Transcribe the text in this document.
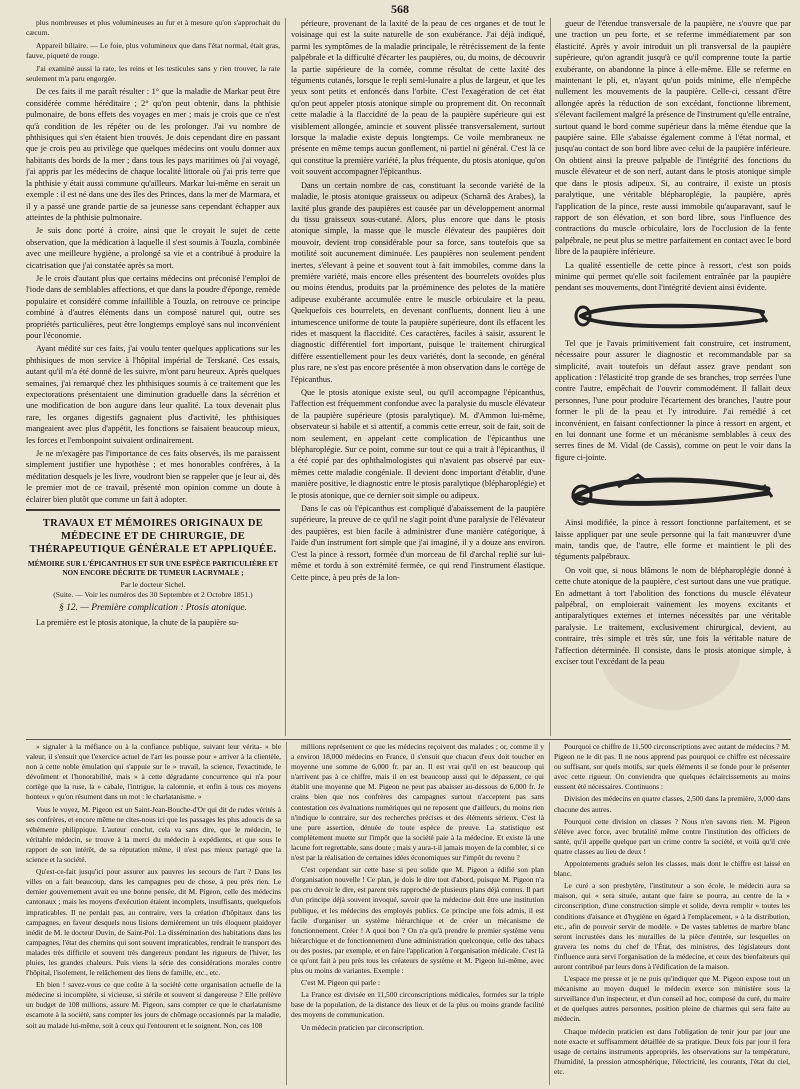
568

plus nombreuses et plus volumineuses au fur et à mesure qu'on s'approchait du cæcum.

Appareil biliaire. — Le foie, plus volumineux que dans l'état normal, était gras, fauve, piqueté de rouge.

J'ai examiné aussi la rate, les reins et les testicules sans y rien trouver, la rate seulement m'a paru engorgée.

De ces faits il me paraît résulter : 1° que la maladie de Markar peut être considérée comme héréditaire ; 2° qu'on peut obtenir, dans la phthisie pulmonaire, de bons effets des voyages en mer ; mais je crois que ce n'est qu'à condition de les répéter ou de les prolonger. J'ai vu nombre de phthisiques qui s'en étaient bien trouvés. Je dois cependant dire en passant que je crois peu au privilège que quelques médecins ont voulu donner aux habitants des bords de la mer ; dans tous les pays maritimes où j'ai voyagé, j'ai appris par les médecins de chaque localité littorale où j'ai pris terre que la phthisie y était aussi commune qu'ailleurs. Markar lui-même en serait un exemple : il est né dans une des îles des Princes, dans la mer de Marmara, et il y a passé une grande partie de sa jeunesse sans cependant échapper aux atteintes de la phthisie pulmonaire.

Je suis donc porté à croire, ainsi que le croyait le sujet de cette observation, que la médication à laquelle il s'est soumis à Touzla, combinée avec une meilleure hygiène, a prolongé sa vie et a contribué à produire la cicatrisation que j'ai constatée après sa mort.

Je le crois d'autant plus que certains médecins ont préconisé l'emploi de l'iode dans de semblables affections, et que dans la poudre d'éponge, remède populaire et considéré comme infaillible à Touzla, on retrouve ce principe combiné à d'autres éléments dans un composé naturel qui, outre ses propriétés particulières, peut être longtemps employé sans nul inconvénient pour l'économie.

Ayant médité sur ces faits, j'ai voulu tenter quelques applications sur les phthisiques de mon service à l'hôpital impérial de Terskané. Ces essais, autant qu'il m'a été donné de les suivre, m'ont paru heureux. Après quelques semaines, j'ai remarqué chez les phthisiques soumis à ce traitement que les expectorations présentaient une diminution graduelle dans la sécrétion et une modification de bon augure dans leur qualité. La toux devenait plus rare, les organes digestifs gagnaient plus d'activité, les phthisiques mangeaient avec plus d'appétit, les fonctions se faisaient beaucoup mieux, les forces et l'embonpoint suivaient ordinairement.

Je ne m'exagère pas l'importance de ces faits observés, ils me paraissent simplement justifier une hypothèse ; et mes honorables confrères, à la méditation desquels je les livre, voudront bien se rappeler que je leur ai, dès le premier mot de ce travail, présenté mon opinion comme un doute à éclairer bien plutôt que comme un fait à adopter.

TRAVAUX ET MÉMOIRES ORIGINAUX DE MÉDECINE ET DE CHIRURGIE, DE THÉRAPEUTIQUE GÉNÉRALE ET APPLIQUÉE.
MÉMOIRE SUR L'ÉPICANTHUS ET SUR UNE ESPÈCE PARTICULIÈRE ET NON ENCORE DÉCRITE DE TUMEUR LACRYMALE ;
Par le docteur Sichel.
(Suite. — Voir les numéros des 30 Septembre et 2 Octobre 1851.)
§ 12. — Première complication : Ptosis atonique.

La première est le ptosis atonique, la chute de la paupière su-

périeure, provenant de la laxité de la peau de ces organes et de tout le voisinage qui est la suite naturelle de son exubérance. J'ai déjà indiqué, parmi les symptômes de la maladie principale, le rétrécissement de la fente palpébrale et la difficulté d'écarter les paupières, ou, du moins, de découvrir la partie supérieure de la cornée, comme résultat de cette laxité des téguments cutanés, lorsque le repli semi-lunaire a plus de largeur, et que les yeux sont petits et enfoncés dans l'orbite. C'est l'exagération de cet état qu'on peut appeler ptosis atonique simple ou proprement dit. On reconnaît cette maladie à la flaccidité de la peau de la paupière supérieure qui est visiblement allongée, amincie et souvent plissée transversalement, surtout lorsque la maladie existe depuis longtemps. Ce voile membraneux ne présente en même temps aucun gonflement, ni partiel ni général. C'est là ce qui constitue la première variété, la plus fréquente, du ptosis atonique, qu'on voit souvent accompagner l'épicanthus.

Dans un certain nombre de cas, constituant la seconde variété de la maladie, le ptosis atonique graisseux ou adipeux (Scharnâ des Arabes), la laxité plus grande des paupières est causée par un développement anormal du tissu graisseux sous-cutané. Alors, plus encore que dans le ptosis atonique simple, la masse que le muscle élévateur des paupières doit mouvoir, devient trop considérable pour sa force, sans toutefois que sa motilité soit aucunement diminuée. Les paupières non seulement pendent inertes, s'élevant à peine et souvent tout à fait immobiles, comme dans la première variété, mais encore elles présentent des bourrelets ovoïdes plus ou moins étendus, produits par la proéminence des pelotes de la matière adipeuse exubérante accumulée entre le muscle orbiculaire et la peau. Quelquefois ces bourrelets, en devenant confluents, donnent lieu à une intumescence uniforme de toute la paupière supérieure, dont ils effacent les rides et masquent la flaccidité. Ces caractères, faciles à saisir, assurent le diagnostic différentiel fort important, puisque le traitement chirurgical diffère essentiellement pour les deux variétés, dont la seconde, en général plus rare, ne s'est pas encore présentée à mon observation dans le cortège de l'épicanthus.

Que le ptosis atonique existe seul, ou qu'il accompagne l'épicanthus, l'affection est fréquemment confondue avec la paralysie du muscle élévateur de la paupière supérieure (ptosis paralytique). M. d'Ammon lui-même, observateur si habile et si attentif, a commis cette erreur, soit de fait, soit de nom seulement, en appelant cette complication de l'épicanthus une blépharoplégie. Sur ce point, comme sur tout ce qui a trait à l'épicanthus, il a été copié par des ophthalmologistes qui n'avaient pas observé par eux-mêmes cette maladie congéniale. Il devient donc important d'établir, d'une manière positive, le diagnostic entre le ptosis paralytique (blépharoplégie) et le ptosis atonique, que ce dernier soit simple ou adipeux.

Dans le cas où l'épicanthus est compliqué d'abaissement de la paupière supérieure, la preuve de ce qu'il ne s'agit point d'une paralysie de l'élévateur des paupières, est bien facile à administrer d'une manière catégorique, à l'aide d'un instrument fort simple que j'ai imaginé, il y a douze ans environ. C'est la pince à ressort, formée d'un morceau de fil d'archal replié sur lui-même et tordu à son extrémité fermée, ce qui rend l'instrument élastique. Cette pince, à peu près de la lon-

gueur de l'étendue transversale de la paupière, ne s'ouvre que par une traction un peu forte, et se referme immédiatement par son élasticité. Après y avoir introduit un pli transversal de la paupière supérieure, qu'on agrandit jusqu'à ce qu'il comprenne toute la partie exubérante, on abandonne la pince à elle-même. Elle se referme en maintenant le pli, et, n'ayant qu'un poids minime, elle n'empêche nullement les mouvements de la paupière. Celle-ci, cessant d'être allongée après la réduction de son excédant, fonctionne librement, s'élevant facilement malgré la présence de l'instrument qu'elle entraîne, surtout quand le bord comme supérieur dans la même étendue que la paupière saine. Elle s'abaisse également comme à l'état normal, et jusqu'au contact de son bord libre avec celui de la paupière inférieure. On obtient ainsi la preuve palpable de l'intégrité des fonctions du muscle élévateur et de son nerf, autant dans le ptosis atonique simple que dans le ptosis adipeux. Si, au contraire, il existe un ptosis paralytique, une véritable blépharoplégie, la paupière, après l'application de la pince, reste aussi immobile qu'auparavant, sauf le rapport de son élévation, et son bord libre, sous l'influence des contractions du muscle orbiculaire, lors de l'occlusion de la fente palpébrale, ne peut plus se mettre parfaitement en contact avec le bord libre de la paupière inférieure.

La qualité essentielle de cette pince à ressort, c'est son poids minime qui permet qu'elle soit facilement entraînée par la paupière pendant ses mouvements, dont l'intégrité devient ainsi évidente.

Tel que je l'avais primitivement fait construire, cet instrument, nécessaire pour assurer le diagnostic et recommandable par sa simplicité, avait toutefois un défaut assez grave pendant son application : l'élasticité trop grande de ses branches, trop serrées l'une contre l'autre, empêchait de l'ouvrir commodément. Il fallait deux personnes, l'une pour produire l'écartement des branches, l'autre pour former le pli de la peau et l'y introduire. J'ai remédié à cet inconvénient, en faisant confectionner la pince à ressort en argent, et en lui donnant une forme et un mécanisme semblables à ceux des serres fines de M. Vidal (de Cassis), comme on peut le voir dans la figure ci-jointe.

Ainsi modifiée, la pince à ressort fonctionne parfaitement, et se laisse appliquer par une seule personne qui la fait manœuvrer d'une main, tandis que, de l'autre, elle forme et maintient le pli des téguments palpébraux.

On voit que, si nous blâmons le nom de blépharoplégie donné à cette chute atonique de la paupière, c'est surtout dans une vue pratique. En admettant à tort l'abolition des fonctions du muscle élévateur palpébral, on emploierait vainement les moyens excitants et antiparalytiques externes et internes nécessités par une véritable paralysie. Le traitement, exclusivement chirurgical, devient, au contraire, très simple et très sûr, une fois la véritable nature de l'affection déterminée. Il consiste, dans le ptosis atonique simple, à exciser tout l'excédant de la peau

» signaler à la méfiance ou à la confiance publique, suivant leur vérita- » ble valeur, il s'ensuit que l'exercice actuel de l'art les pousse pour » arriver à la clientèle, non à cette noble émulation qui s'appuie sur le » travail, la science, l'exactitude, le dévoûment et l'honorabilité, mais » à cette dégradante concurrence qui n'a pour cortège que la ruse, la » cabale, l'intrigue, la calomnie, et enfin à tous ces moyens honteux » qu'on résument dans un mot : le charlatanisme. »

Vous le voyez, M. Pigeon est un Saint-Jean-Bouche-d'Or qui dit de rudes vérités à ses confrères, et encore même ne cites-nous ici que les passages les plus adoucis de sa véhémente philippique. L'auteur conclut, cela va sans dire, que le médecin, le véritable médecin, se trouve à la merci du médecin à expédients, et que sous le rapport de son intérêt, de sa réputation même, il n'est pas mieux partagé que la science et la société.

Qu'est-ce-fait jusqu'ici pour assurer aux pauvres les secours de l'art ? Dans les villes on a fait beaucoup, dans les campagnes peu de chose, à peu près rien. Le dernier gouvernement avait eu une bonne pensée, dit M. Pigeon, celle des médecins cantonaux ; mais les moyens d'exécution étaient incomplets, insuffisants, quelquefois impraticables. Il ne perdait pas, au contraire, vers la création d'hôpitaux dans les campagnes, en faveur desquels nous lisions dernièrement un très éloquent plaidoyer inédit de M. le docteur Duvin, de Saint-Pol. La dissémination des habitations dans les campagnes, l'état des chemins qui sont souvent impraticables, rendrait le transport des malades très difficile et souvent très dangereux pendant les rigueurs de l'hiver, les pluies, les grandes chaleurs. Puis viens la série des considérations morales contre l'hôpital, l'isolement, le relâchement des liens de famille, etc., etc.

Eh bien ! savez-vous ce que coûte à la société cette organisation actuelle de la médecine si incomplète, si vicieuse, si stérile et souvent si dangereuse ? Elle prélève un budget de 108 millions, assure M. Pigeon, sans compter ce que le charlatanisme escamote à la société, sans compter les jours de chômage occasionnés par la maladie, soit au malade lui-même, soit à ceux qui l'entourent et le soignent. Non, ces 108

millions représentent ce que les médecins reçoivent des malades ; or, comme il y a environ 18,000 médecins en France, il s'ensuit que chacun d'eux doit toucher en moyenne une somme de 6,000 fr. par an. Il est vrai qu'il en est beaucoup qui n'arrivent pas à ce chiffre, mais il en est beaucoup aussi qui le dépassent, ce qui établit une moyenne que M. Pigeon ne peut pas abaisser au-dessous de 6,000 fr. Je crains bien que nos confrères des campagnes surtout n'acceptent pas sans contestation ces évaluations numériques qui ne reposent que d'ailleurs, du moins rien n'indique le contraire, sur des recherches précises et des éléments sérieux. C'est là une pure assertion, dénuée de toute espèce de preuve. La statistique est complètement muette sur l'impôt que la société paie à la médecine. Et existe là une lacune fort regrettable, sans doute ; mais y aura-t-il jamais moyen de la combler, si ce n'est par la réalisation de certaines idées économiques sur l'impôt du revenu ?

C'est cependant sur cette base si peu solide que M. Pigeon a édifié son plan d'organisation nouvelle ! Ce plan, je dois le dire tout d'abord, puisque M. Pigeon n'a pas cru devoir le dire, est parent très rapproché de plusieurs plans déjà connus. Il part d'un principe déjà souvent invoqué, savoir que la médecine doit être une institution publique, et les médecins des employés publics. Ce principe une fois admis, il est facile d'organiser un système hiérarchique et de créer un mécanisme de fonctionnement. Créer ! A quoi bon ? On n'a qu'à prendre le premier système venu hiérarchique et de fonctionnement d'une administration quelconque, celle des tabacs ou des postes, par exemple, et en faire l'application à l'organisation médicale. C'est là ce qu'ont fait à peu près tous les créateurs de système et M. Pigeon lui-même, avec plus ou moins de variantes. Exemple :

C'est M. Pigeon qui parle :

La France est divisée en 11,500 circonscriptions médicales, formées sur la triple base de la population, de la distance des lieux et de la plus ou moins grande facilité des moyens de communication.

Un médecin praticien par circonscription.

Pourquoi ce chiffre de 11,500 circonscriptions avec autant de médecins ? M. Pigeon ne le dit pas. Il ne nous apprend pas pourquoi ce chiffre est nécessaire ou suffisant, sur quels motifs, sur quels éléments il se fonde pour le présenter avec cette rigueur. On conviendra que quelques éclaircissements au moins eussent été nécessaires. Continuons :

Division des médecins en quatre classes, 2,500 dans la première, 3,000 dans chacune des autres.

Pourquoi cette division en classes ? Nous n'en savons rien. M. Pigeon s'élève avec force, avec brutalité même contre l'institution des officiers de santé, qu'il appelle quelque part un crime contre la société, et voilà qu'il crée quatre classes au lieu de deux !

Appointements gradués selon les classes, mais dont le chiffre est laissé en blanc.

Le curé a son presbytère, l'instituteur a son école, le médecin aura sa maison, qui « sera située, autant que faire se pourra, au centre de la » circonscription, d'une construction simple et solide, devra remplir » toutes les conditions d'aisance et d'hygiène en égard à l'emplacement, » à la distribution, etc., afin de pouvoir servir de modèle. » De vastes tablettes de marbre blanc seront incrustées dans les murailles de la pièce d'entrée, sur lesquelles on gravera les noms du chef de l'État, des ministres, des législateurs dont l'influence aura servi l'organisation de la médecine, et ceux des bienfaiteurs qui auront contribué par leurs dons à l'édification de la maison.

L'espace me presse et je ne puis qu'indiquer que M. Pigeon expose tout un mécanisme au moyen duquel le médecin exerce son ministère sous la surveillance d'un inspecteur, et d'un conseil ad hoc, composé du curé, du maire et de quelques autres personnes, position pleine de charmes qui sera faite au médecin.

Chaque médecin praticien est dans l'obligation de tenir jour par jour une note exacte et suffisamment détaillée de sa pratique. Deux fois par jour il fera usage de certains instruments appropriés, les observations sur la température, l'humidité, la pression atmosphérique, l'électricité, les courants, l'état du ciel, etc.
